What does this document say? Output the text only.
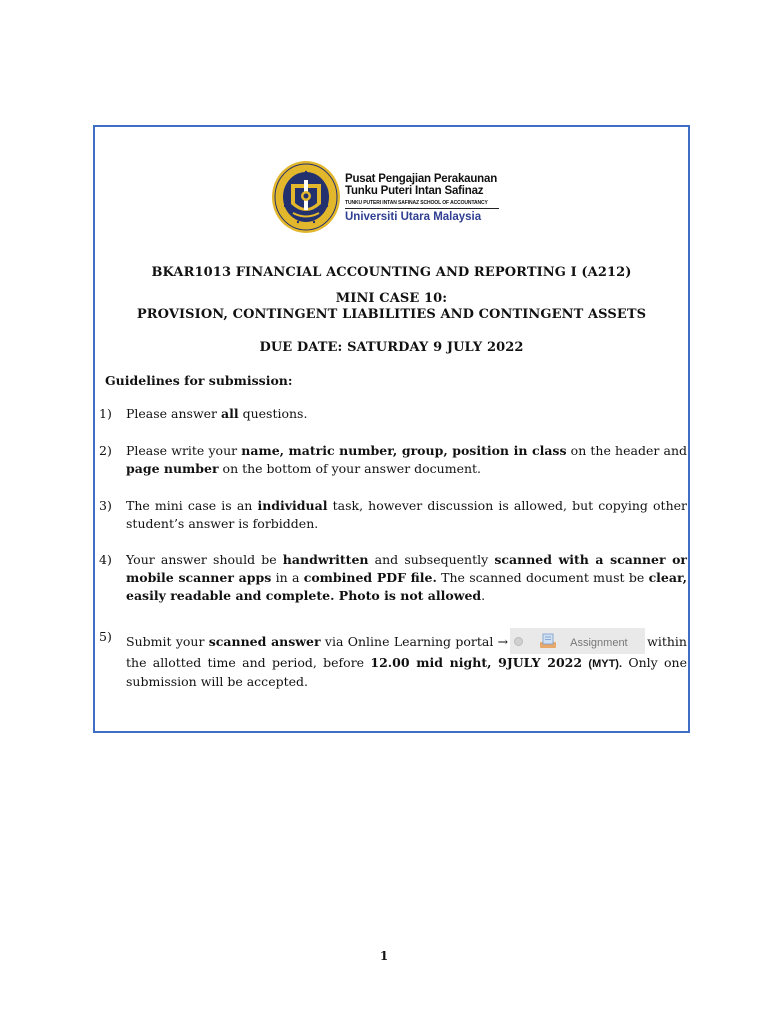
Pusat Pengajian Perakaunan
Tunku Puteri Intan Safinaz
TUNKU PUTERI INTAN SAFINAZ SCHOOL OF ACCOUNTANCY
Universiti Utara Malaysia
BKAR1013 FINANCIAL ACCOUNTING AND REPORTING I (A212)
MINI CASE 10:
PROVISION, CONTINGENT LIABILITIES AND CONTINGENT ASSETS
DUE DATE: SATURDAY 9 JULY 2022
Guidelines for submission:
1) Please answer all questions.
2) Please write your name, matric number, group, position in class on the header and page number on the bottom of your answer document.
3) The mini case is an individual task, however discussion is allowed, but copying other student’s answer is forbidden.
4) Your answer should be handwritten and subsequently scanned with a scanner or mobile scanner apps in a combined PDF file. The scanned document must be clear, easily readable and complete. Photo is not allowed.
5) Submit your scanned answer via Online Learning portal →	Assignment within the allotted time and period, before 12.00 mid night, 9JULY 2022 (MYT). Only one submission will be accepted.
1
